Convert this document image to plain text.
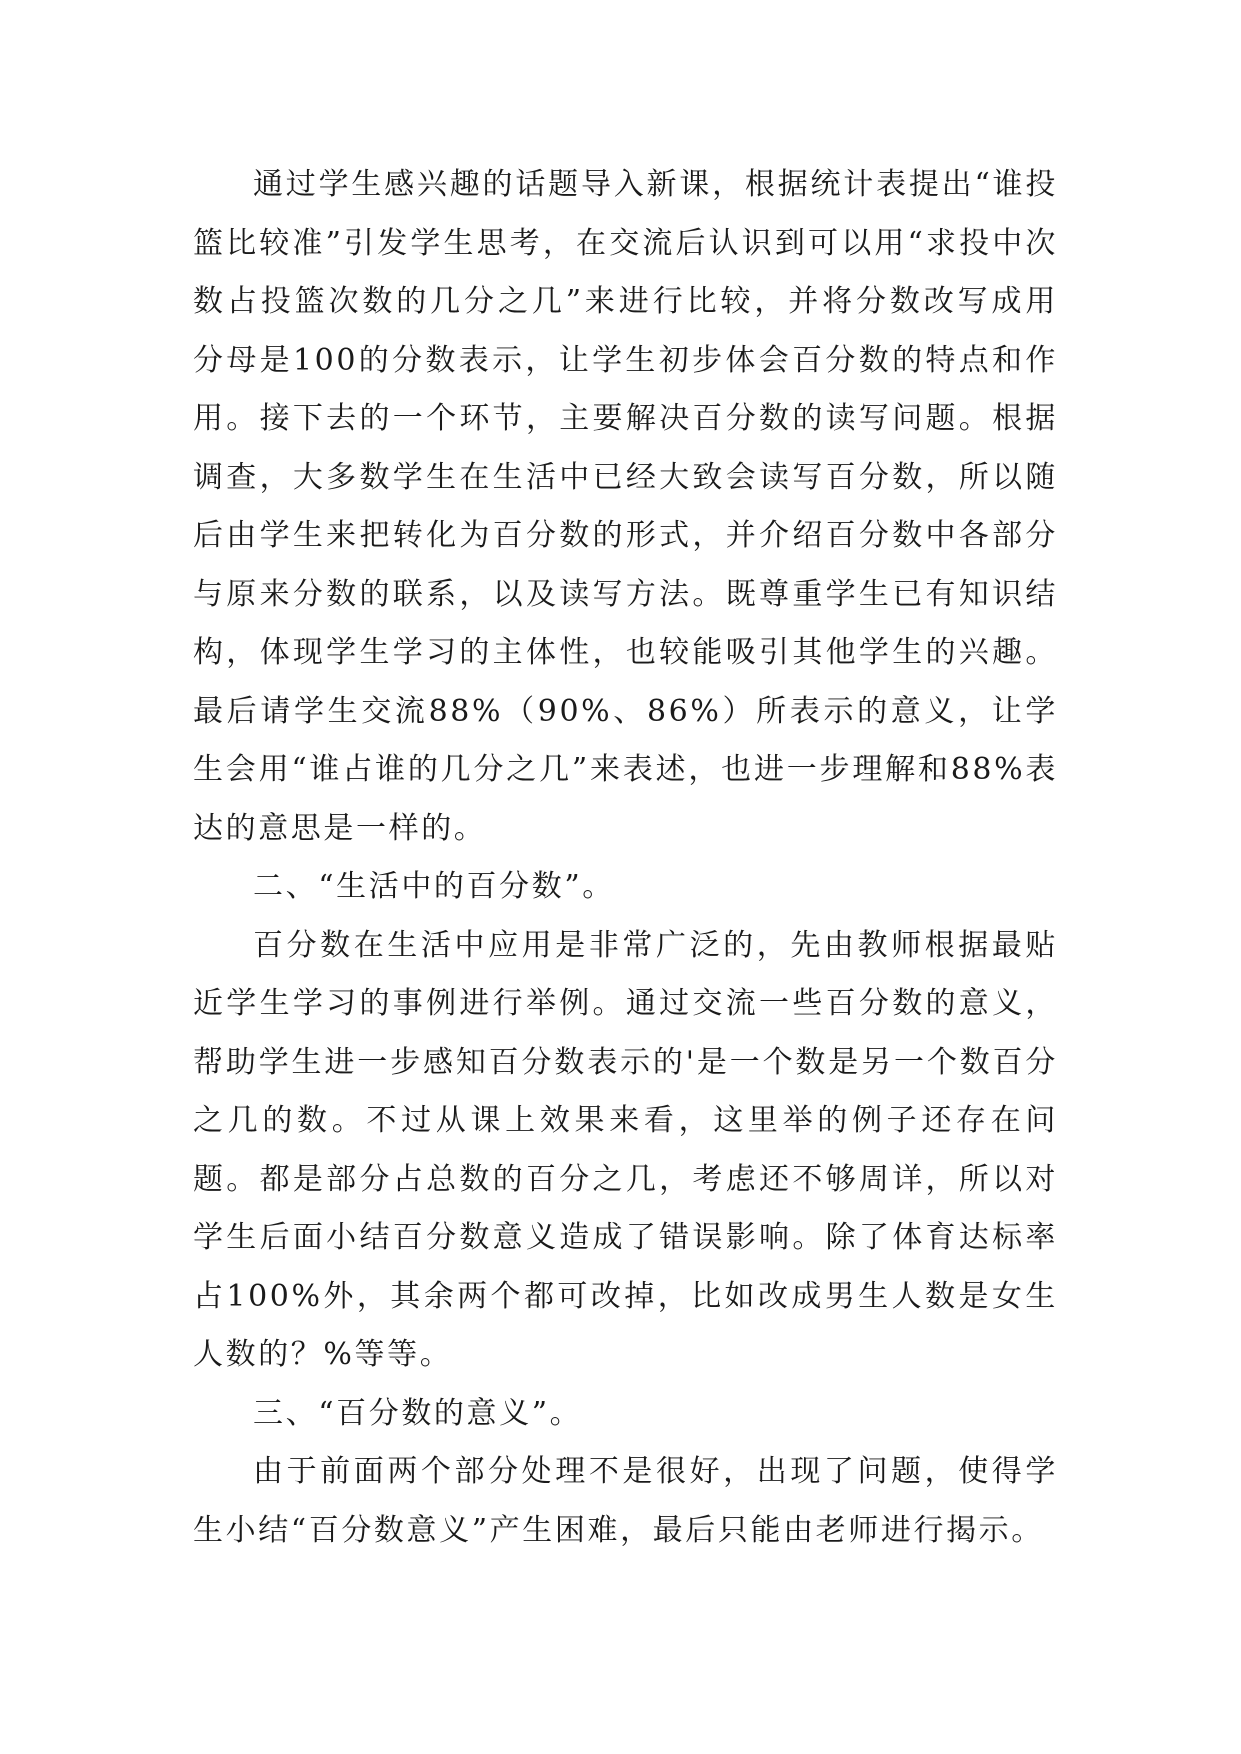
通过学生感兴趣的话题导入新课，根据统计表提出“谁投篮比较准”引发学生思考，在交流后认识到可以用“求投中次数占投篮次数的几分之几”来进行比较，并将分数改写成用分母是100的分数表示，让学生初步体会百分数的特点和作用。接下去的一个环节，主要解决百分数的读写问题。根据调查，大多数学生在生活中已经大致会读写百分数，所以随后由学生来把转化为百分数的形式，并介绍百分数中各部分与原来分数的联系，以及读写方法。既尊重学生已有知识结构，体现学生学习的主体性，也较能吸引其他学生的兴趣。最后请学生交流88%（90%、86%）所表示的意义，让学生会用“谁占谁的几分之几”来表述，也进一步理解和88%表达的意思是一样的。

二、“生活中的百分数”。

百分数在生活中应用是非常广泛的，先由教师根据最贴近学生学习的事例进行举例。通过交流一些百分数的意义，帮助学生进一步感知百分数表示的'是一个数是另一个数百分之几的数。不过从课上效果来看，这里举的例子还存在问题。都是部分占总数的百分之几，考虑还不够周详，所以对学生后面小结百分数意义造成了错误影响。除了体育达标率占100%外，其余两个都可改掉，比如改成男生人数是女生人数的？%等等。

三、“百分数的意义”。

由于前面两个部分处理不是很好，出现了问题，使得学生小结“百分数意义”产生困难，最后只能由老师进行揭示。
